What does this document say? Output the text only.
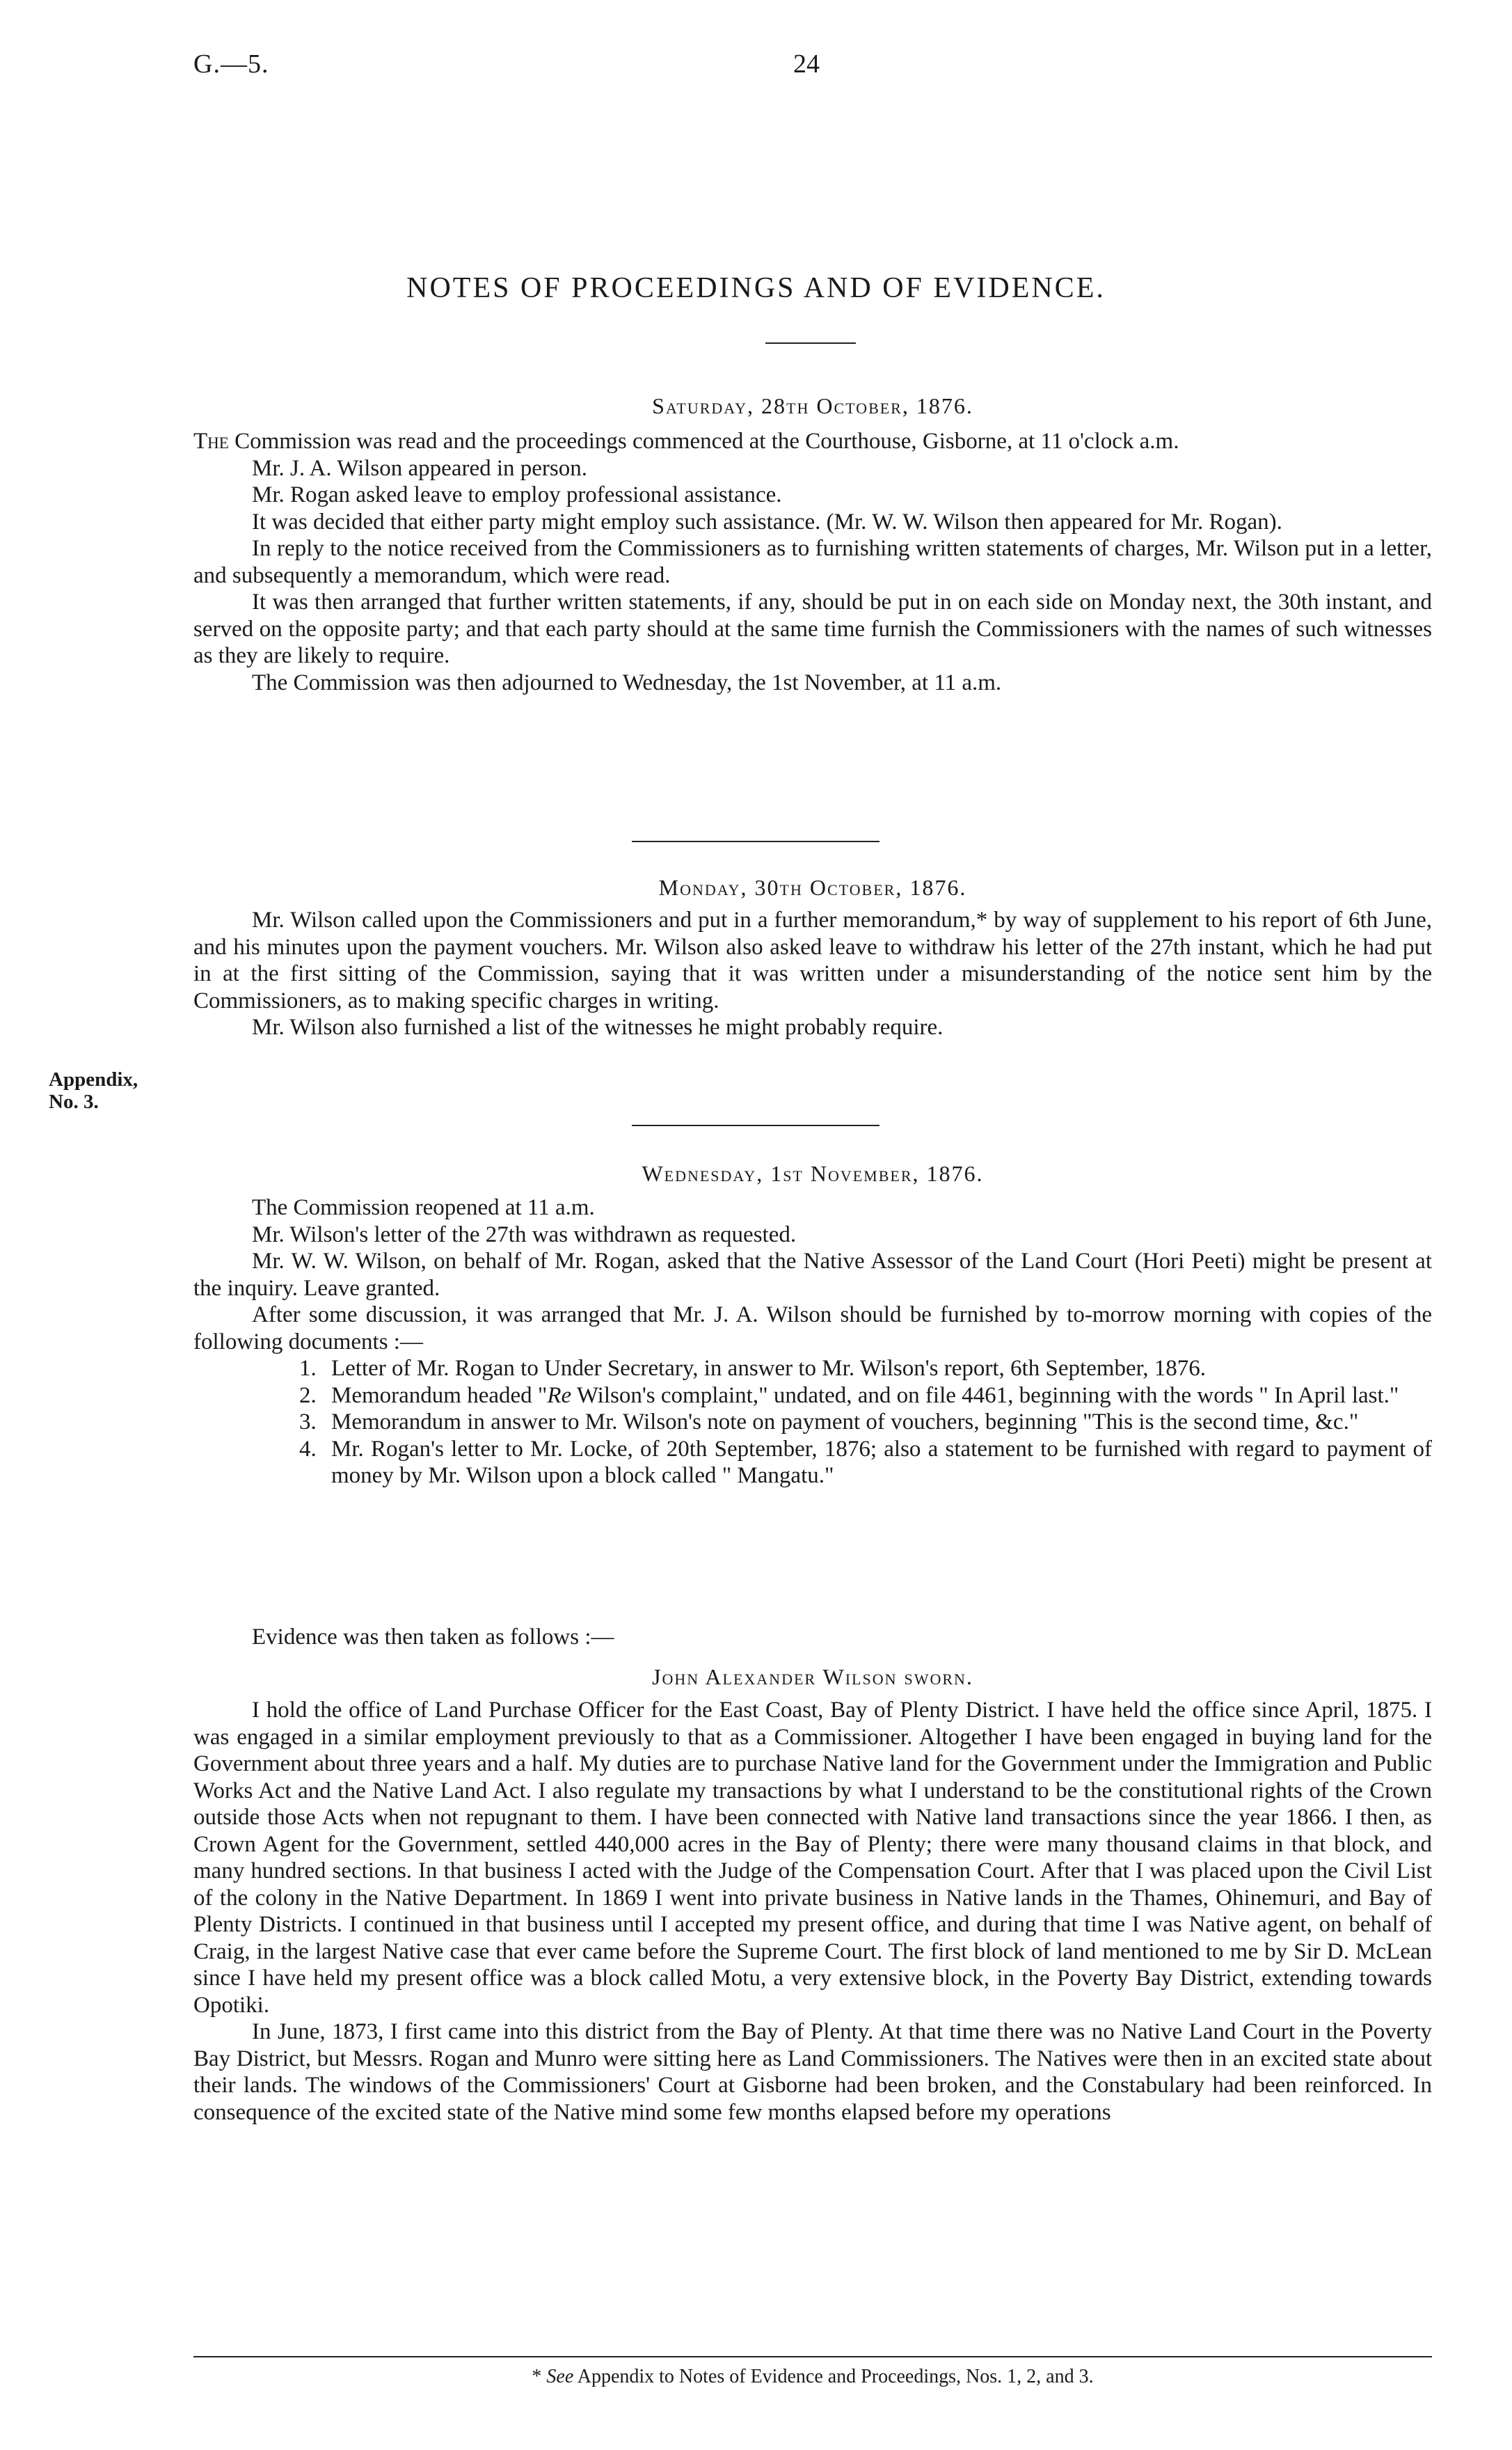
G.—5.	24
NOTES OF PROCEEDINGS AND OF EVIDENCE.
Saturday, 28th October, 1876.

The Commission was read and the proceedings commenced at the Courthouse, Gisborne, at 11 o'clock a.m.

Mr. J. A. Wilson appeared in person.

Mr. Rogan asked leave to employ professional assistance.

It was decided that either party might employ such assistance. (Mr. W. W. Wilson then appeared for Mr. Rogan).

In reply to the notice received from the Commissioners as to furnishing written statements of charges, Mr. Wilson put in a letter, and subsequently a memorandum, which were read.

It was then arranged that further written statements, if any, should be put in on each side on Monday next, the 30th instant, and served on the opposite party; and that each party should at the same time furnish the Commissioners with the names of such witnesses as they are likely to require.

The Commission was then adjourned to Wednesday, the 1st November, at 11 a.m.

Monday, 30th October, 1876.

Mr. Wilson called upon the Commissioners and put in a further memorandum,* by way of supplement to his report of 6th June, and his minutes upon the payment vouchers. Mr. Wilson also asked leave to withdraw his letter of the 27th instant, which he had put in at the first sitting of the Commission, saying that it was written under a misunderstanding of the notice sent him by the Commissioners, as to making specific charges in writing.

Mr. Wilson also furnished a list of the witnesses he might probably require.

Appendix,
No. 3.
Wednesday, 1st November, 1876.

The Commission reopened at 11 a.m.

Mr. Wilson's letter of the 27th was withdrawn as requested.

Mr. W. W. Wilson, on behalf of Mr. Rogan, asked that the Native Assessor of the Land Court (Hori Peeti) might be present at the inquiry. Leave granted.

After some discussion, it was arranged that Mr. J. A. Wilson should be furnished by to-morrow morning with copies of the following documents :—

1. Letter of Mr. Rogan to Under Secretary, in answer to Mr. Wilson's report, 6th September, 1876.
2. Memorandum headed "Re Wilson's complaint," undated, and on file 4461, beginning with the words " In April last."
3. Memorandum in answer to Mr. Wilson's note on payment of vouchers, beginning "This is the second time, &c."
4. Mr. Rogan's letter to Mr. Locke, of 20th September, 1876; also a statement to be furnished with regard to payment of money by Mr. Wilson upon a block called " Mangatu."

Evidence was then taken as follows :—

John Alexander Wilson sworn.

I hold the office of Land Purchase Officer for the East Coast, Bay of Plenty District. I have held the office since April, 1875. I was engaged in a similar employment previously to that as a Commissioner. Altogether I have been engaged in buying land for the Government about three years and a half. My duties are to purchase Native land for the Government under the Immigration and Public Works Act and the Native Land Act. I also regulate my transactions by what I understand to be the constitutional rights of the Crown outside those Acts when not repugnant to them. I have been connected with Native land transactions since the year 1866. I then, as Crown Agent for the Government, settled 440,000 acres in the Bay of Plenty; there were many thousand claims in that block, and many hundred sections. In that business I acted with the Judge of the Compensation Court. After that I was placed upon the Civil List of the colony in the Native Department. In 1869 I went into private business in Native lands in the Thames, Ohinemuri, and Bay of Plenty Districts. I continued in that business until I accepted my present office, and during that time I was Native agent, on behalf of Craig, in the largest Native case that ever came before the Supreme Court. The first block of land mentioned to me by Sir D. McLean since I have held my present office was a block called Motu, a very extensive block, in the Poverty Bay District, extending towards Opotiki.

In June, 1873, I first came into this district from the Bay of Plenty. At that time there was no Native Land Court in the Poverty Bay District, but Messrs. Rogan and Munro were sitting here as Land Commissioners. The Natives were then in an excited state about their lands. The windows of the Commissioners' Court at Gisborne had been broken, and the Constabulary had been reinforced. In consequence of the excited state of the Native mind some few months elapsed before my operations

* See Appendix to Notes of Evidence and Proceedings, Nos. 1, 2, and 3.
